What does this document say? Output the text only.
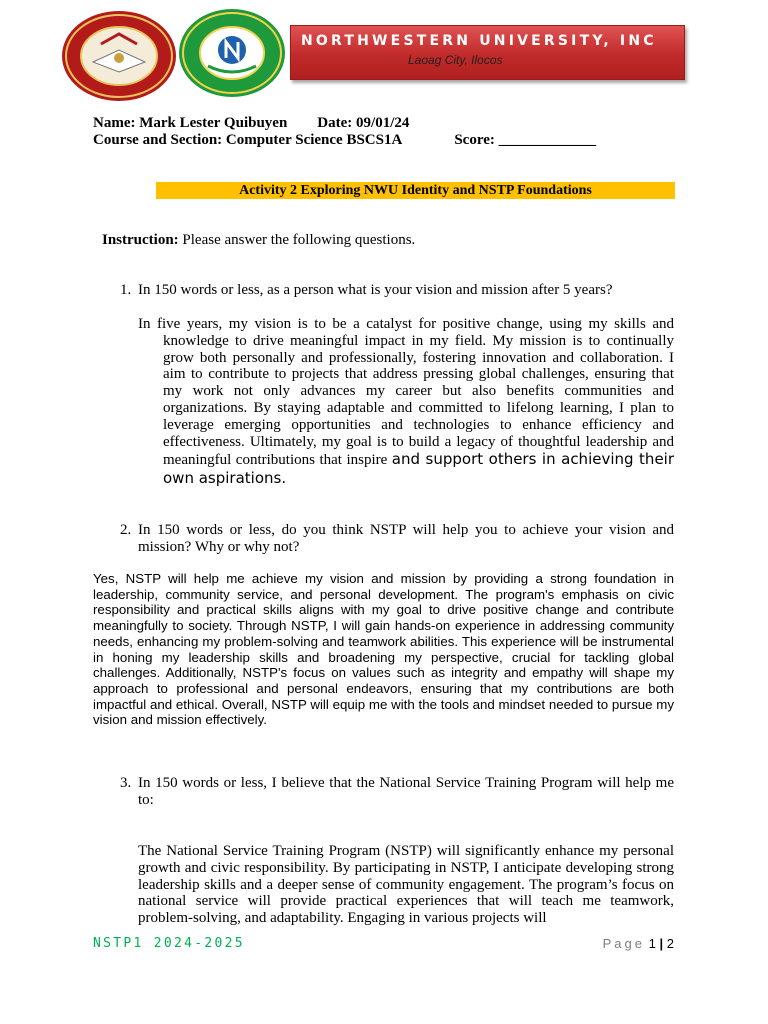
NORTHWESTERN UNIVERSITY, INC
Laoag City, Ilocos
Name: Mark Lester Quibuyen Date: 09/01/24
Course and Section: Computer Science BSCS1A	Score: _____________
Activity 2 Exploring NWU Identity and NSTP Foundations
Instruction: Please answer the following questions.
1. In 150 words or less, as a person what is your vision and mission after 5 years?
In five years, my vision is to be a catalyst for positive change, using my skills and knowledge to drive meaningful impact in my field. My mission is to continually grow both personally and professionally, fostering innovation and collaboration. I aim to contribute to projects that address pressing global challenges, ensuring that my work not only advances my career but also benefits communities and organizations. By staying adaptable and committed to lifelong learning, I plan to leverage emerging opportunities and technologies to enhance efficiency and effectiveness. Ultimately, my goal is to build a legacy of thoughtful leadership and meaningful contributions that inspire and support others in achieving their own aspirations.
2. In 150 words or less, do you think NSTP will help you to achieve your vision and mission? Why or why not?
Yes, NSTP will help me achieve my vision and mission by providing a strong foundation in leadership, community service, and personal development. The program's emphasis on civic responsibility and practical skills aligns with my goal to drive positive change and contribute meaningfully to society. Through NSTP, I will gain hands-on experience in addressing community needs, enhancing my problem-solving and teamwork abilities. This experience will be instrumental in honing my leadership skills and broadening my perspective, crucial for tackling global challenges. Additionally, NSTP's focus on values such as integrity and empathy will shape my approach to professional and personal endeavors, ensuring that my contributions are both impactful and ethical. Overall, NSTP will equip me with the tools and mindset needed to pursue my vision and mission effectively.
3. In 150 words or less, I believe that the National Service Training Program will help me to:
The National Service Training Program (NSTP) will significantly enhance my personal growth and civic responsibility. By participating in NSTP, I anticipate developing strong leadership skills and a deeper sense of community engagement. The program’s focus on national service will provide practical experiences that will teach me teamwork, problem-solving, and adaptability. Engaging in various projects will
NSTP1 2024-2025	Page 1 | 2
